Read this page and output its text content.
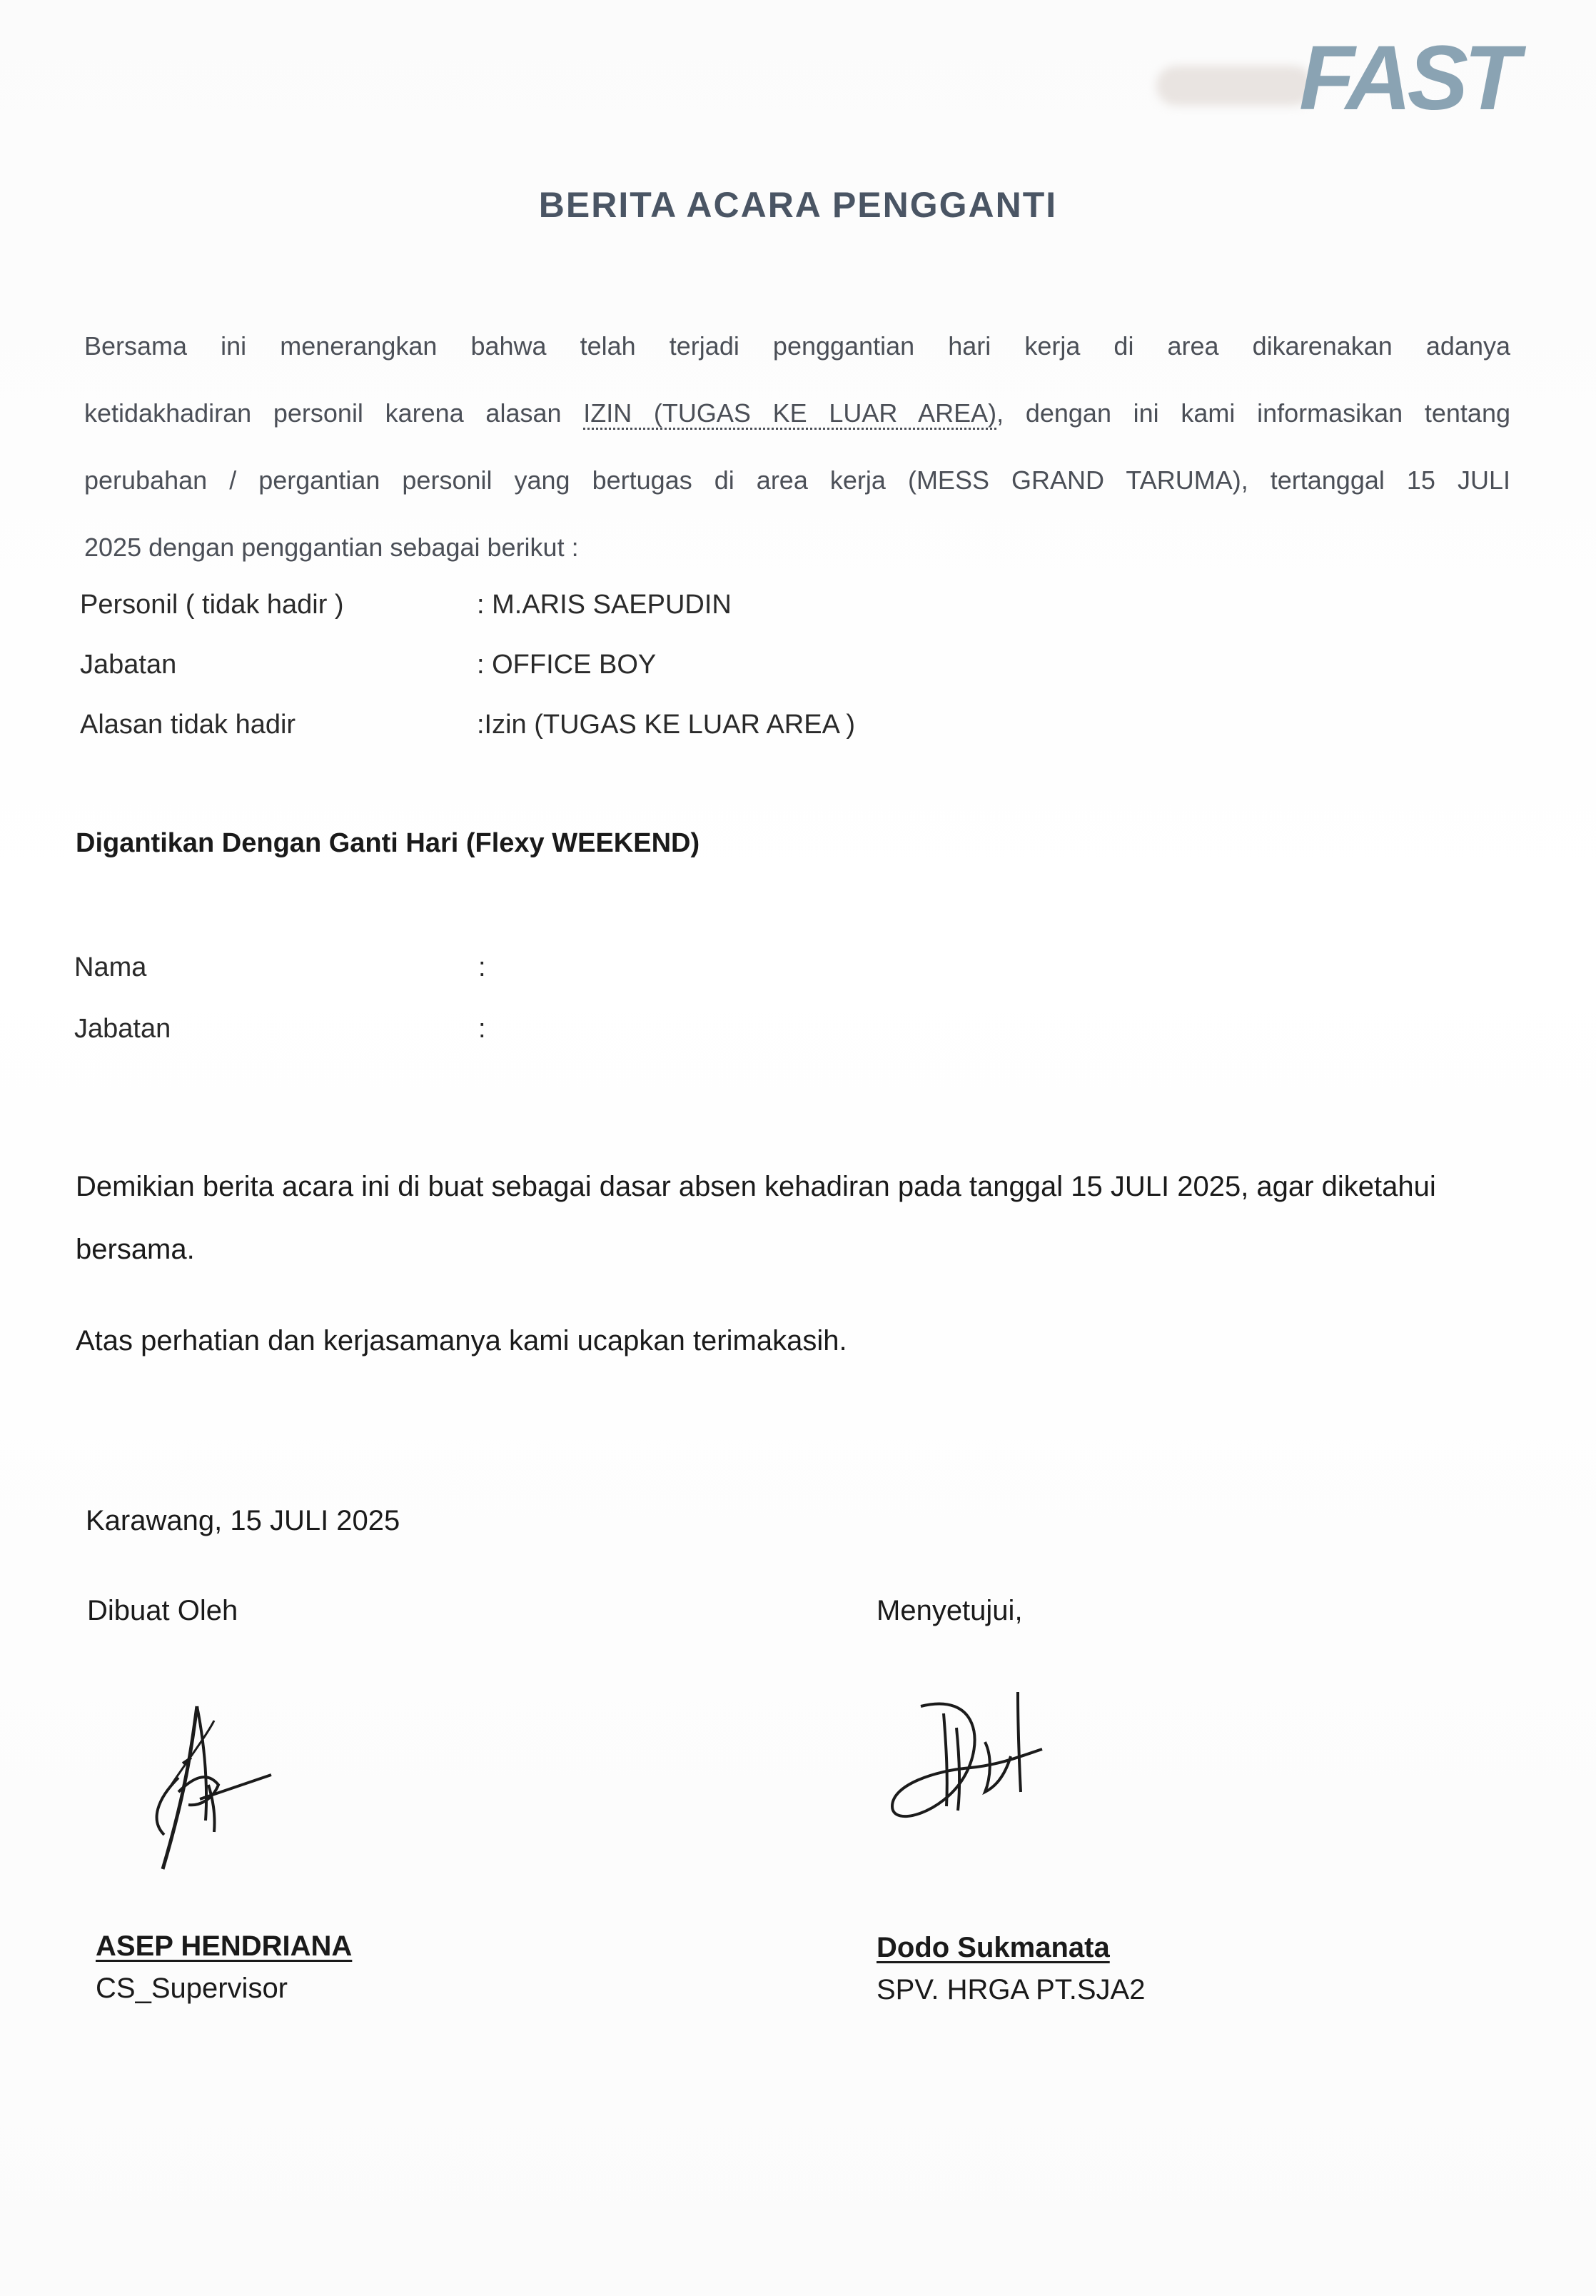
FAST
BERITA ACARA PENGGANTI
Bersama ini menerangkan bahwa telah terjadi penggantian hari kerja di area dikarenakan adanya
ketidakhadiran personil karena alasan IZIN (TUGAS KE LUAR AREA), dengan ini kami informasikan tentang
perubahan / pergantian personil yang bertugas di area kerja (MESS GRAND TARUMA), tertanggal 15 JULI
2025 dengan penggantian sebagai berikut :
Personil ( tidak hadir )	: M.ARIS SAEPUDIN
Jabatan	: OFFICE BOY
Alasan tidak hadir	:Izin (TUGAS KE LUAR AREA )
Digantikan Dengan Ganti Hari (Flexy WEEKEND)
Nama	:
Jabatan	:
Demikian berita acara ini di buat sebagai dasar absen kehadiran pada tanggal 15 JULI 2025, agar diketahui
bersama.
Atas perhatian dan kerjasamanya kami ucapkan terimakasih.
Karawang, 15 JULI 2025
Dibuat Oleh	Menyetujui,
ASEP HENDRIANA
CS_Supervisor
Dodo Sukmanata
SPV. HRGA PT.SJA2
